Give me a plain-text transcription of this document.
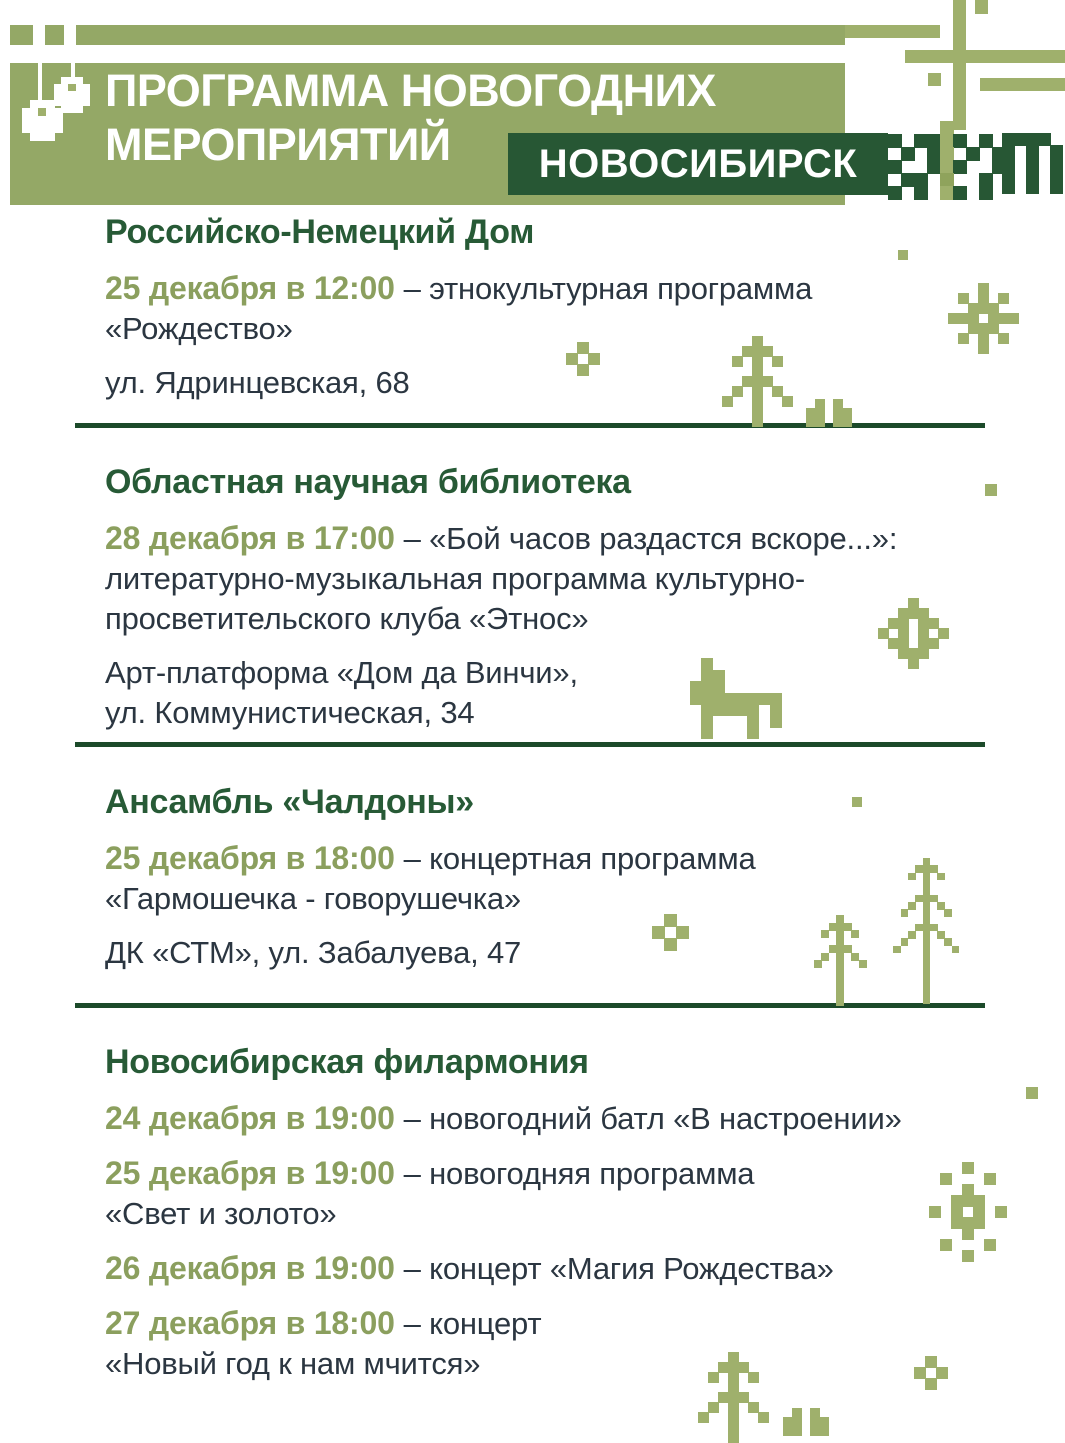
ПРОГРАММА НОВОГОДНИХ
МЕРОПРИЯТИЙ	НОВОСИБИРСК
Российско-Немецкий Дом
25 декабря в 12:00 – этнокультурная программа
«Рождество»
ул. Ядринцевская, 68
Областная научная библиотека
28 декабря в 17:00 – «Бой часов раздастся вскоре...»:
литературно-музыкальная программа культурно-
просветительского клуба «Этнос»
Арт-платформа «Дом да Винчи»,
ул. Коммунистическая, 34
Ансамбль «Чалдоны»
25 декабря в 18:00 – концертная программа
«Гармошечка - говорушечка»
ДК «СТМ», ул. Забалуева, 47
Новосибирская филармония
24 декабря в 19:00 – новогодний батл «В настроении»
25 декабря в 19:00 – новогодняя программа
«Свет и золото»
26 декабря в 19:00 – концерт «Магия Рождества»
27 декабря в 18:00 – концерт
«Новый год к нам мчится»
